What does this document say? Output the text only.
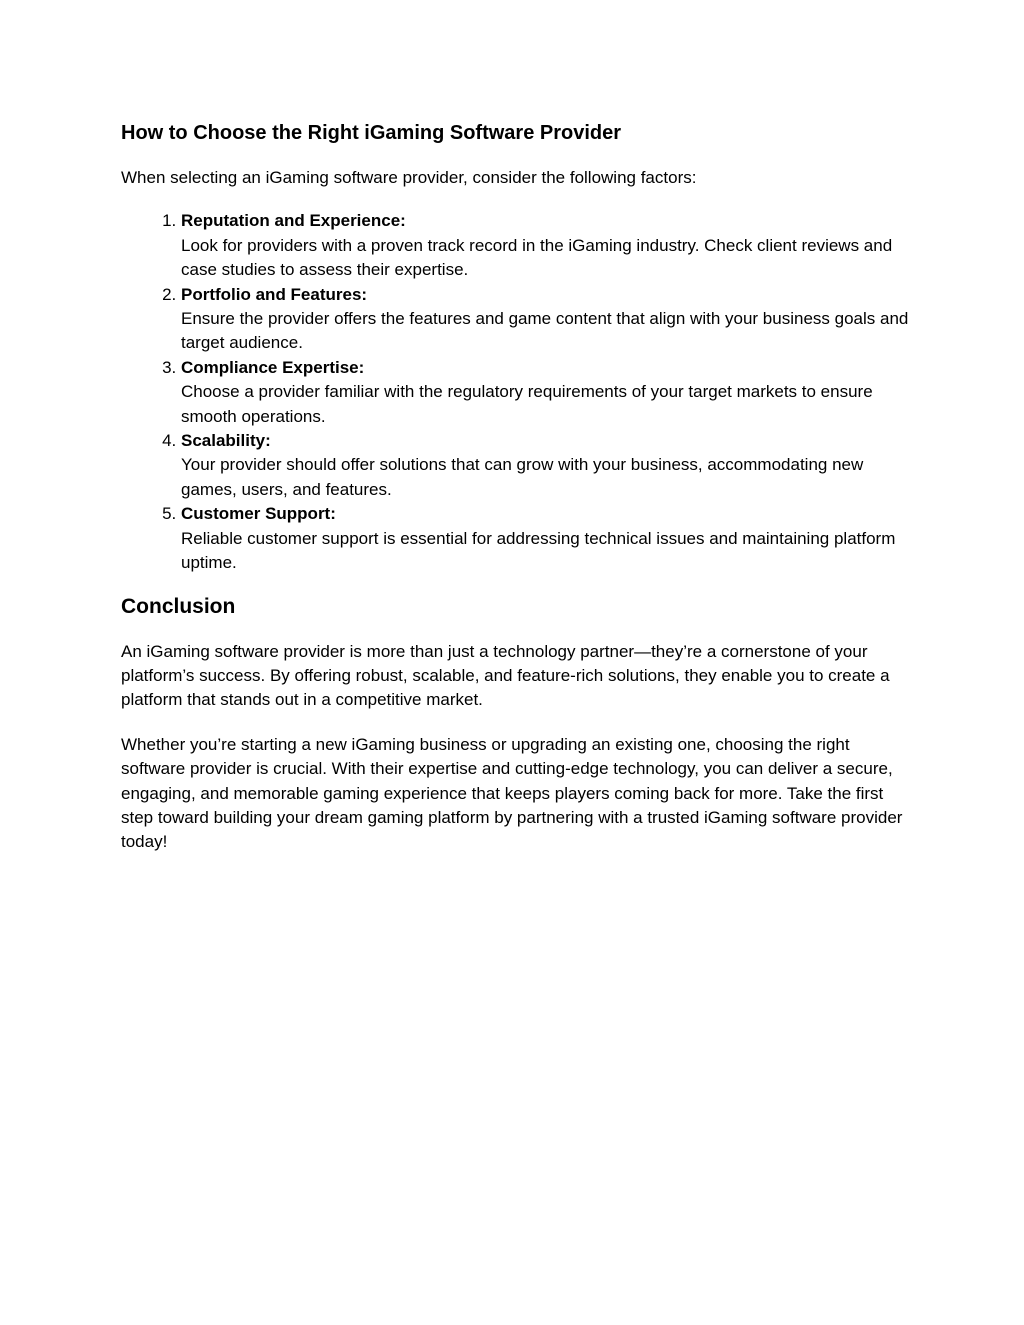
How to Choose the Right iGaming Software Provider

When selecting an iGaming software provider, consider the following factors:

1. Reputation and Experience:
Look for providers with a proven track record in the iGaming industry. Check client reviews and case studies to assess their expertise.
2. Portfolio and Features:
Ensure the provider offers the features and game content that align with your business goals and target audience.
3. Compliance Expertise:
Choose a provider familiar with the regulatory requirements of your target markets to ensure smooth operations.
4. Scalability:
Your provider should offer solutions that can grow with your business, accommodating new games, users, and features.
5. Customer Support:
Reliable customer support is essential for addressing technical issues and maintaining platform uptime.
Conclusion

An iGaming software provider is more than just a technology partner—they’re a cornerstone of your platform’s success. By offering robust, scalable, and feature-rich solutions, they enable you to create a platform that stands out in a competitive market.

Whether you’re starting a new iGaming business or upgrading an existing one, choosing the right software provider is crucial. With their expertise and cutting-edge technology, you can deliver a secure, engaging, and memorable gaming experience that keeps players coming back for more. Take the first step toward building your dream gaming platform by partnering with a trusted iGaming software provider today!
